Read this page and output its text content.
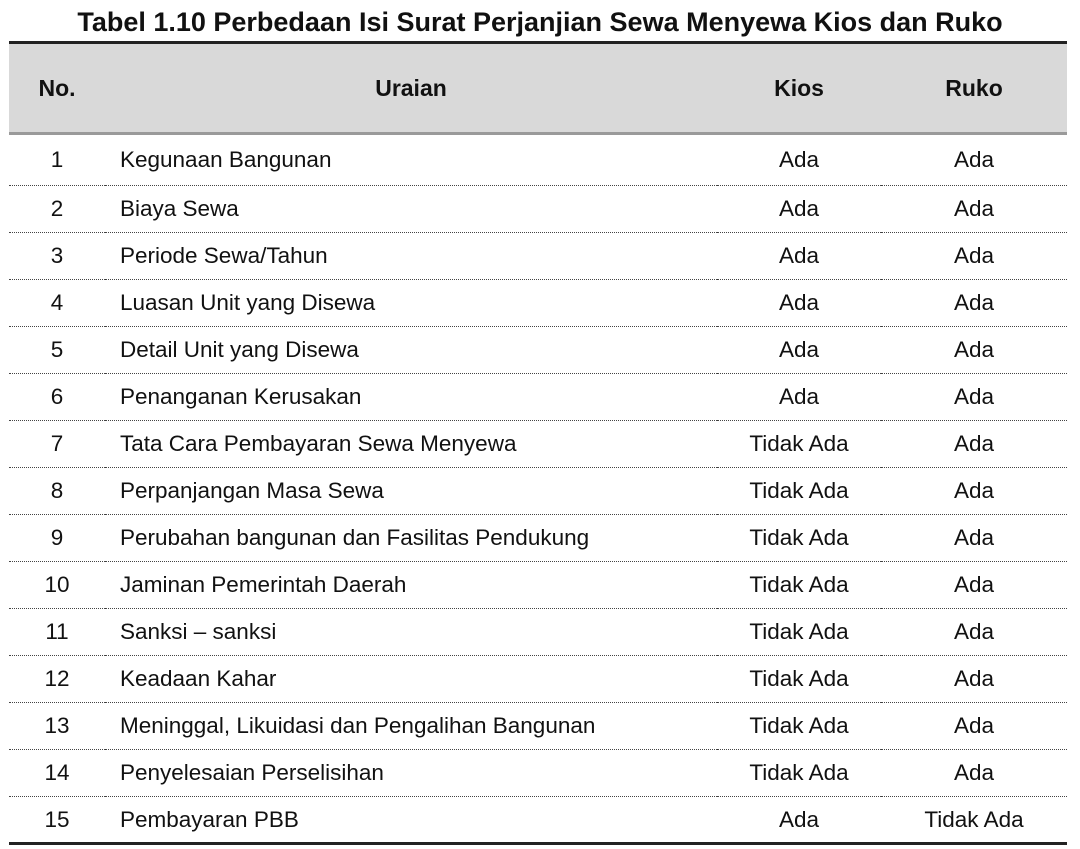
Tabel 1.10 Perbedaan Isi Surat Perjanjian Sewa Menyewa Kios dan Ruko
No.	Uraian	Kios	Ruko
1	Kegunaan Bangunan	Ada	Ada
2	Biaya Sewa	Ada	Ada
3	Periode Sewa/Tahun	Ada	Ada
4	Luasan Unit yang Disewa	Ada	Ada
5	Detail Unit yang Disewa	Ada	Ada
6	Penanganan Kerusakan	Ada	Ada
7	Tata Cara Pembayaran Sewa Menyewa	Tidak Ada	Ada
8	Perpanjangan Masa Sewa	Tidak Ada	Ada
9	Perubahan bangunan dan Fasilitas Pendukung	Tidak Ada	Ada
10	Jaminan Pemerintah Daerah	Tidak Ada	Ada
11	Sanksi – sanksi	Tidak Ada	Ada
12	Keadaan Kahar	Tidak Ada	Ada
13	Meninggal, Likuidasi dan Pengalihan Bangunan	Tidak Ada	Ada
14	Penyelesaian Perselisihan	Tidak Ada	Ada
15	Pembayaran PBB	Ada	Tidak Ada
